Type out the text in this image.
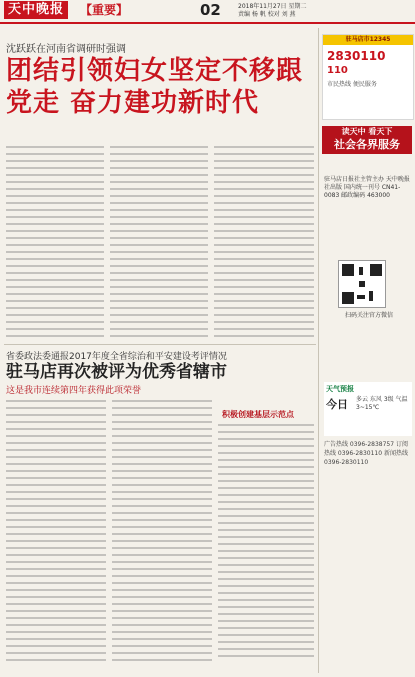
天中晚报	【重要】	02	2018年11月27日 星期二
责编 杨 帆 校对 刘 燕
沈跃跃在河南省调研时强调
团结引领妇女坚定不移跟党走 奋力建功新时代
驻马店市12345
2830110
110
市民热线 便民服务
读天中 看天下
社会各界服务
驻马店日报社主管主办 天中晚报社出版 国内统一刊号 CN41-0083 邮政编码 463000
扫码关注官方微信
省委政法委通报2017年度全省综治和平安建设考评情况
驻马店再次被评为优秀省辖市
这是我市连续第四年获得此项荣誉
积极创建基层示范点
天气预报
今日 多云 东风 3级 气温 3~15℃
广告热线 0396-2838757 订阅热线 0396-2830110 新闻热线 0396-2830110
